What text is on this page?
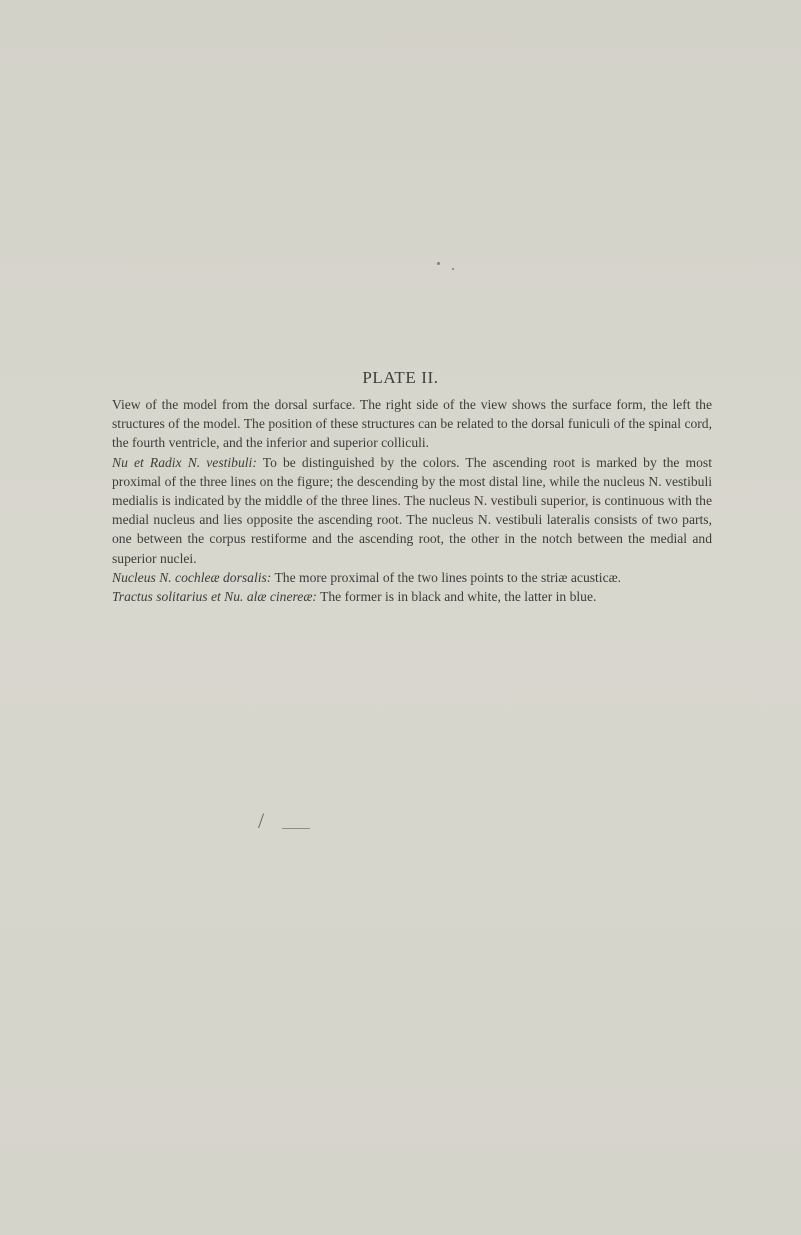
PLATE II.

View of the model from the dorsal surface. The right side of the view shows the surface form, the left the structures of the model. The position of these structures can be related to the dorsal funiculi of the spinal cord, the fourth ventricle, and the inferior and superior colliculi.

Nu et Radix N. vestibuli: To be distinguished by the colors. The ascending root is marked by the most proximal of the three lines on the figure; the descending by the most distal line, while the nucleus N. vestibuli medialis is indicated by the middle of the three lines. The nucleus N. vestibuli superior, is continuous with the medial nucleus and lies opposite the ascending root. The nucleus N. vestibuli lateralis consists of two parts, one between the corpus restiforme and the ascending root, the other in the notch between the medial and superior nuclei.

Nucleus N. cochleæ dorsalis: The more proximal of the two lines points to the striæ acusticæ.

Tractus solitarius et Nu. alæ cinereæ: The former is in black and white, the latter in blue.

/
